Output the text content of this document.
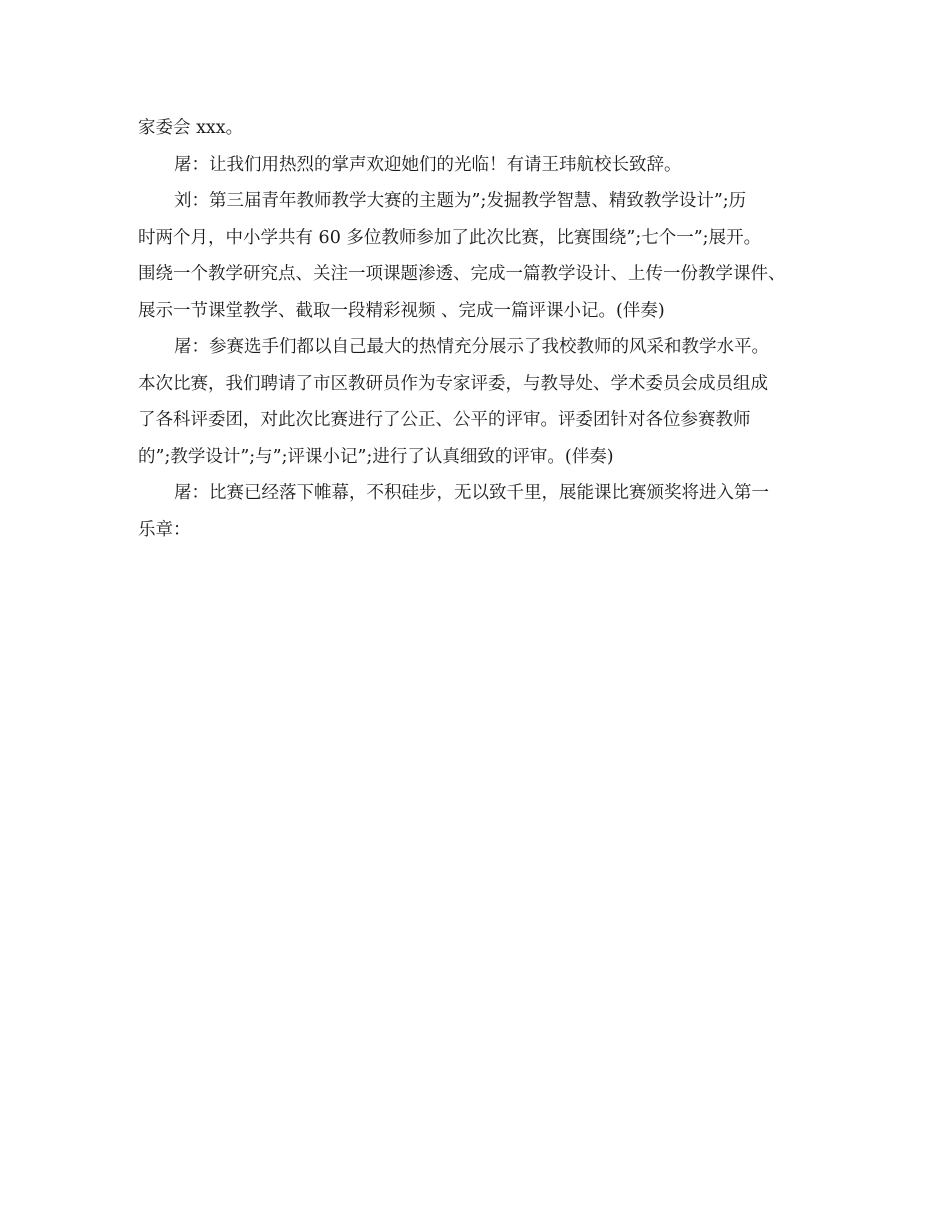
家委会 xxx。
屠：让我们用热烈的掌声欢迎她们的光临！有请王玮航校长致辞。
刘：第三届青年教师教学大赛的主题为”;发掘教学智慧、精致教学设计”;历
时两个月，中小学共有 60 多位教师参加了此次比赛，比赛围绕”;七个一”;展开。
围绕一个教学研究点、关注一项课题渗透、完成一篇教学设计、上传一份教学课件、
展示一节课堂教学、截取一段精彩视频 、完成一篇评课小记。(伴奏)
屠：参赛选手们都以自己最大的热情充分展示了我校教师的风采和教学水平。
本次比赛，我们聘请了市区教研员作为专家评委，与教导处、学术委员会成员组成
了各科评委团，对此次比赛进行了公正、公平的评审。评委团针对各位参赛教师
的”;教学设计”;与”;评课小记”;进行了认真细致的评审。(伴奏)
屠：比赛已经落下帷幕，不积硅步，无以致千里，展能课比赛颁奖将进入第一
乐章：
